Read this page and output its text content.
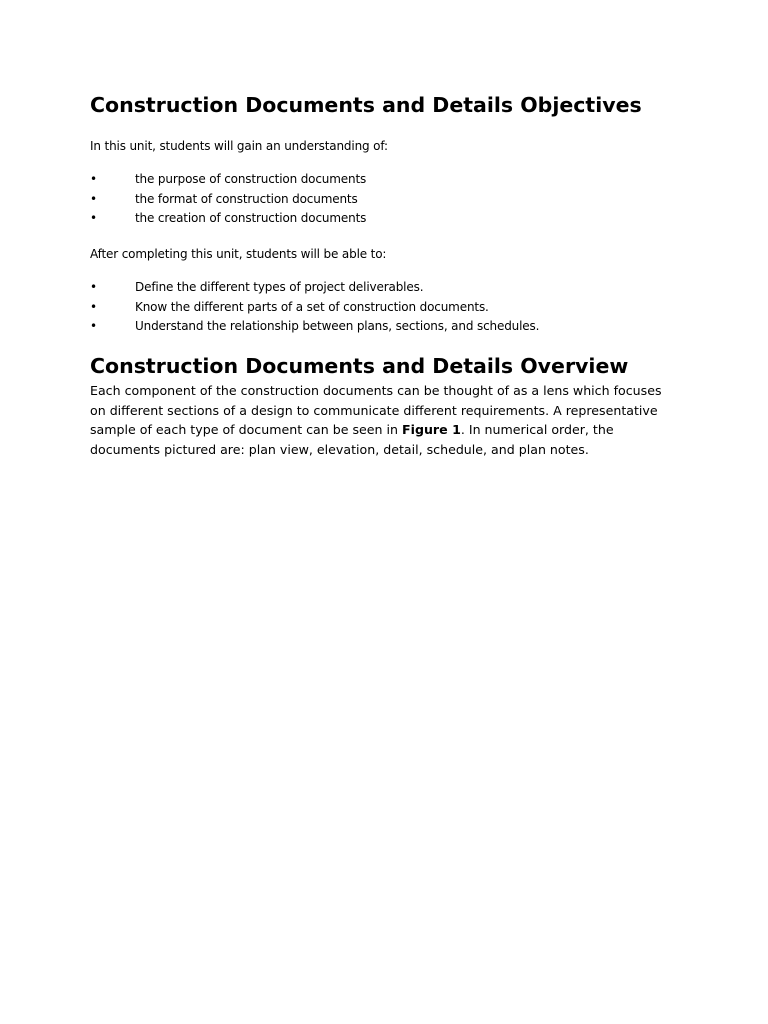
Construction Documents and Details Objectives

In this unit, students will gain an understanding of:

•	the purpose of construction documents
•	the format of construction documents
•	the creation of construction documents

After completing this unit, students will be able to:

•	Define the different types of project deliverables.
•	Know the different parts of a set of construction documents.
•	Understand the relationship between plans, sections, and schedules.
Construction Documents and Details Overview

Each component of the construction documents can be thought of as a lens which focuses
on different sections of a design to communicate different requirements. A representative
sample of each type of document can be seen in Figure 1. In numerical order, the
documents pictured are: plan view, elevation, detail, schedule, and plan notes.
